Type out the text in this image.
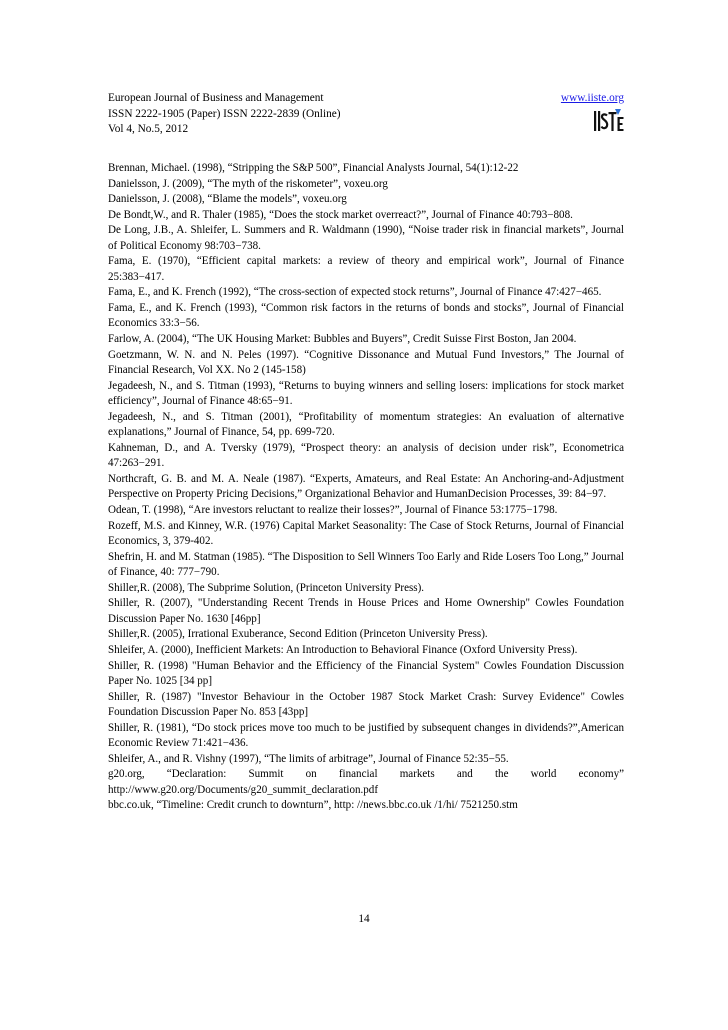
European Journal of Business and Management
ISSN 2222-1905 (Paper) ISSN 2222-2839 (Online)
Vol 4, No.5, 2012
www.iiste.org
Brennan, Michael. (1998), “Stripping the S&P 500”, Financial Analysts Journal, 54(1):12-22
Danielsson, J. (2009), “The myth of the riskometer”, voxeu.org
Danielsson, J. (2008), “Blame the models”, voxeu.org
De Bondt,W., and R. Thaler (1985), “Does the stock market overreact?”, Journal of Finance 40:793−808.
De Long, J.B., A. Shleifer, L. Summers and R. Waldmann (1990), “Noise trader risk in financial markets”, Journal of Political Economy 98:703−738.
Fama, E. (1970), “Efficient capital markets: a review of theory and empirical work”, Journal of Finance 25:383−417.
Fama, E., and K. French (1992), “The cross-section of expected stock returns”, Journal of Finance 47:427−465.
Fama, E., and K. French (1993), “Common risk factors in the returns of bonds and stocks”, Journal of Financial Economics 33:3−56.
Farlow, A. (2004), “The UK Housing Market: Bubbles and Buyers”, Credit Suisse First Boston, Jan 2004.
Goetzmann, W. N. and N. Peles (1997). “Cognitive Dissonance and Mutual Fund Investors,” The Journal of Financial Research, Vol XX. No 2 (145-158)
Jegadeesh, N., and S. Titman (1993), “Returns to buying winners and selling losers: implications for stock market efficiency”, Journal of Finance 48:65−91.
Jegadeesh, N., and S. Titman (2001), “Profitability of momentum strategies: An evaluation of alternative explanations,” Journal of Finance, 54, pp. 699-720.
Kahneman, D., and A. Tversky (1979), “Prospect theory: an analysis of decision under risk”, Econometrica 47:263−291.
Northcraft, G. B. and M. A. Neale (1987). “Experts, Amateurs, and Real Estate: An Anchoring-and-Adjustment Perspective on Property Pricing Decisions,” Organizational Behavior and HumanDecision Processes, 39: 84−97.
Odean, T. (1998), “Are investors reluctant to realize their losses?”, Journal of Finance 53:1775−1798.
Rozeff, M.S. and Kinney, W.R. (1976) Capital Market Seasonality: The Case of Stock Returns, Journal of Financial Economics, 3, 379-402.
Shefrin, H. and M. Statman (1985). “The Disposition to Sell Winners Too Early and Ride Losers Too Long,” Journal of Finance, 40: 777−790.
Shiller,R. (2008), The Subprime Solution, (Princeton University Press).
Shiller, R. (2007), "Understanding Recent Trends in House Prices and Home Ownership" Cowles Foundation Discussion Paper No. 1630 [46pp]
Shiller,R. (2005), Irrational Exuberance, Second Edition (Princeton University Press).
Shleifer, A. (2000), Inefficient Markets: An Introduction to Behavioral Finance (Oxford University Press).
Shiller, R. (1998) "Human Behavior and the Efficiency of the Financial System" Cowles Foundation Discussion Paper No. 1025 [34 pp]
Shiller, R. (1987) "Investor Behaviour in the October 1987 Stock Market Crash: Survey Evidence" Cowles Foundation Discussion Paper No. 853 [43pp]
Shiller, R. (1981), “Do stock prices move too much to be justified by subsequent changes in dividends?”,American Economic Review 71:421−436.
Shleifer, A., and R. Vishny (1997), “The limits of arbitrage”, Journal of Finance 52:35−55.
g20.org, “Declaration: Summit on financial markets and the world economy”
http://www.g20.org/Documents/g20_summit_declaration.pdf
bbc.co.uk, “Timeline: Credit crunch to downturn”, http: //news.bbc.co.uk /1/hi/ 7521250.stm
14
